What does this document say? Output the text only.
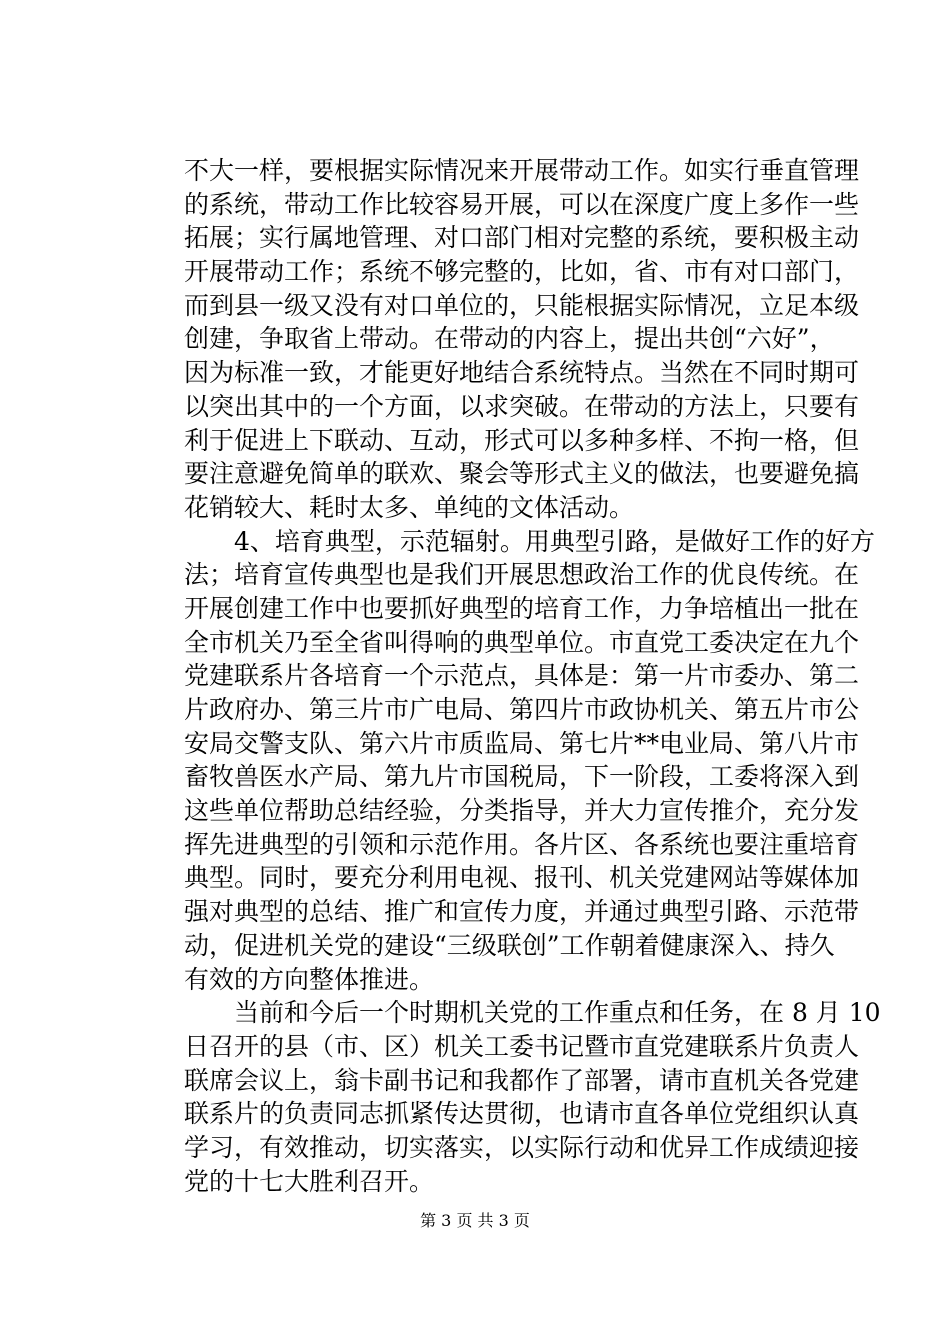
不大一样，要根据实际情况来开展带动工作。如实行垂直管理
的系统，带动工作比较容易开展，可以在深度广度上多作一些
拓展；实行属地管理、对口部门相对完整的系统，要积极主动
开展带动工作；系统不够完整的，比如，省、市有对口部门，
而到县一级又没有对口单位的，只能根据实际情况，立足本级
创建，争取省上带动。在带动的内容上，提出共创“六好”，
因为标准一致，才能更好地结合系统特点。当然在不同时期可
以突出其中的一个方面，以求突破。在带动的方法上，只要有
利于促进上下联动、互动，形式可以多种多样、不拘一格，但
要注意避免简单的联欢、聚会等形式主义的做法，也要避免搞
花销较大、耗时太多、单纯的文体活动。
　　4、培育典型，示范辐射。用典型引路，是做好工作的好方
法；培育宣传典型也是我们开展思想政治工作的优良传统。在
开展创建工作中也要抓好典型的培育工作，力争培植出一批在
全市机关乃至全省叫得响的典型单位。市直党工委决定在九个
党建联系片各培育一个示范点，具体是：第一片市委办、第二
片政府办、第三片市广电局、第四片市政协机关、第五片市公
安局交警支队、第六片市质监局、第七片**电业局、第八片市
畜牧兽医水产局、第九片市国税局，下一阶段，工委将深入到
这些单位帮助总结经验，分类指导，并大力宣传推介，充分发
挥先进典型的引领和示范作用。各片区、各系统也要注重培育
典型。同时，要充分利用电视、报刊、机关党建网站等媒体加
强对典型的总结、推广和宣传力度，并通过典型引路、示范带
动，促进机关党的建设“三级联创”工作朝着健康深入、持久
有效的方向整体推进。
　　当前和今后一个时期机关党的工作重点和任务，在 8 月 10
日召开的县（市、区）机关工委书记暨市直党建联系片负责人
联席会议上，翁卡副书记和我都作了部署，请市直机关各党建
联系片的负责同志抓紧传达贯彻，也请市直各单位党组织认真
学习，有效推动，切实落实，以实际行动和优异工作成绩迎接
党的十七大胜利召开。
第 3 页 共 3 页
